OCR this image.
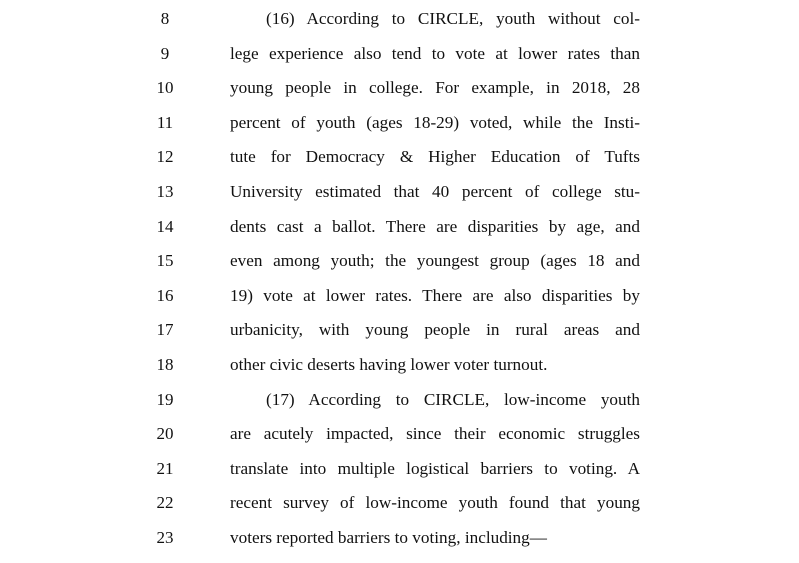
8	(16) According to CIRCLE, youth without col-
9	lege experience also tend to vote at lower rates than
10	young people in college. For example, in 2018, 28
11	percent of youth (ages 18-29) voted, while the Insti-
12	tute for Democracy & Higher Education of Tufts
13	University estimated that 40 percent of college stu-
14	dents cast a ballot. There are disparities by age, and
15	even among youth; the youngest group (ages 18 and
16	19) vote at lower rates. There are also disparities by
17	urbanicity, with young people in rural areas and
18	other civic deserts having lower voter turnout.
19	(17) According to CIRCLE, low-income youth
20	are acutely impacted, since their economic struggles
21	translate into multiple logistical barriers to voting. A
22	recent survey of low-income youth found that young
23	voters reported barriers to voting, including—
